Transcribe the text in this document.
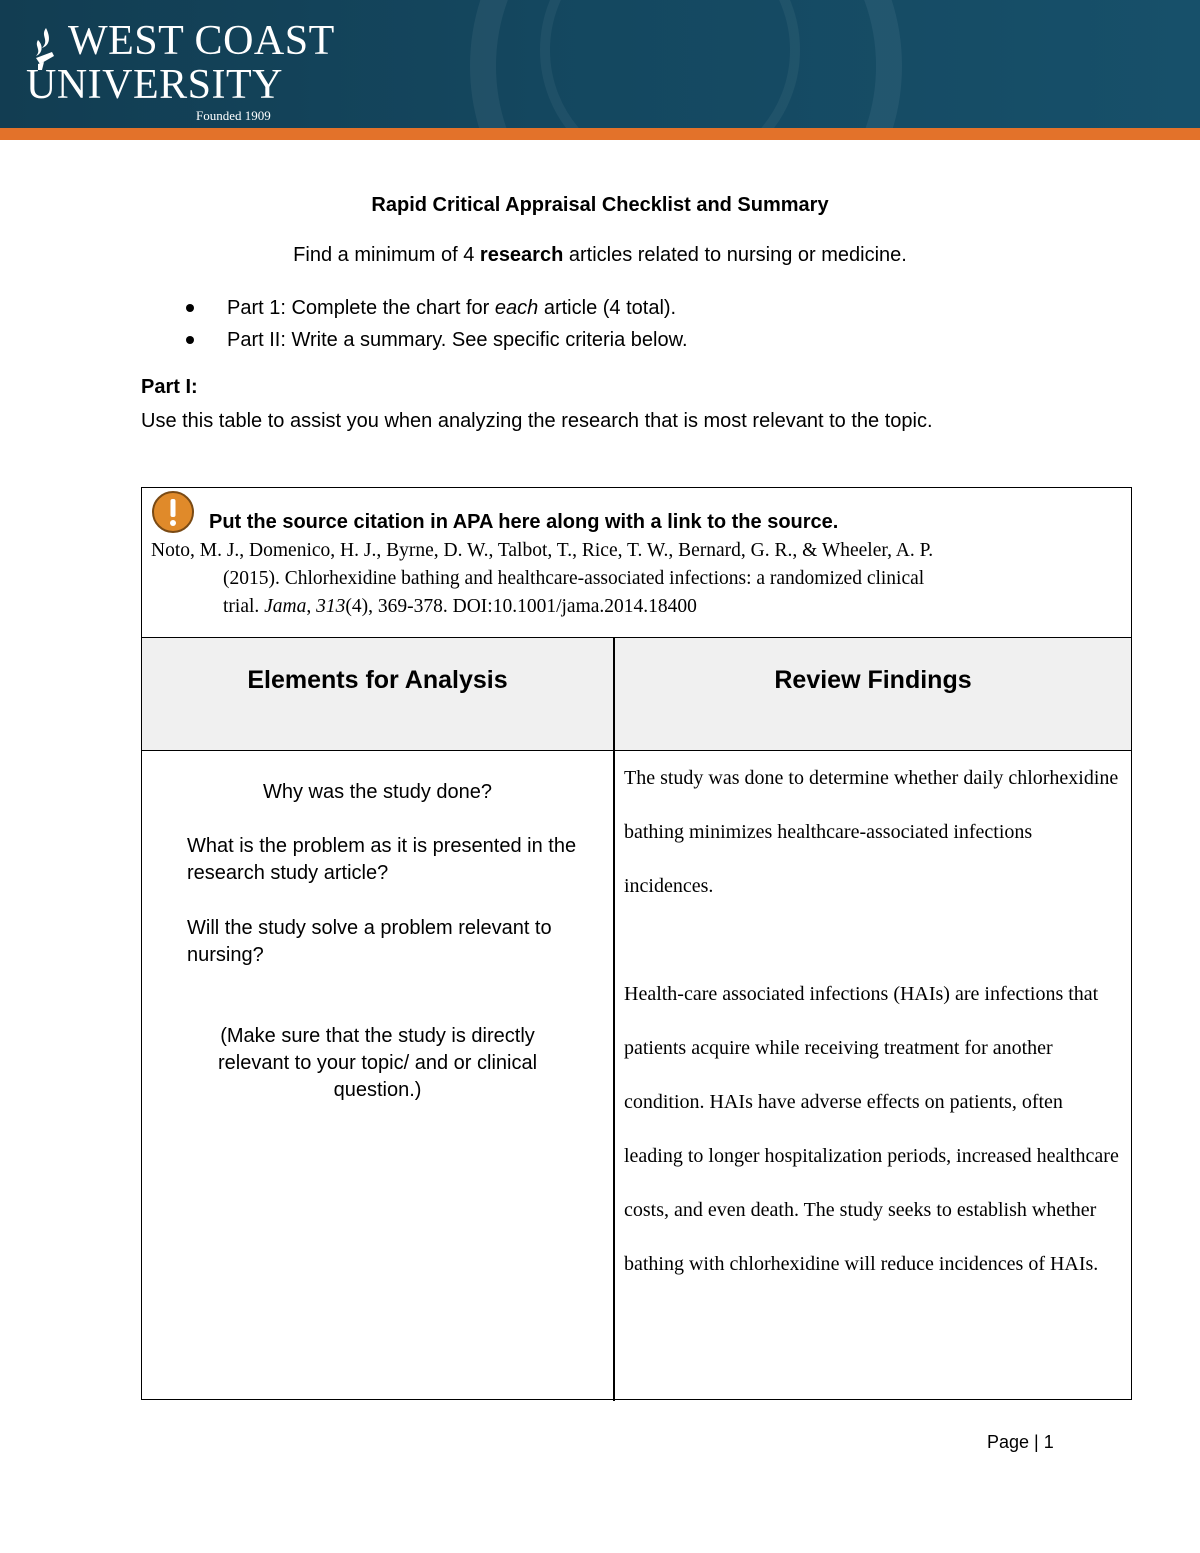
WEST COAST
UNIVERSITY
Founded 1909
Rapid Critical Appraisal Checklist and Summary
Find a minimum of 4 research articles related to nursing or medicine.
Part 1: Complete the chart for each article (4 total).
Part II: Write a summary. See specific criteria below.
Part I:
Use this table to assist you when analyzing the research that is most relevant to the topic.
Put the source citation in APA here along with a link to the source.
Noto, M. J., Domenico, H. J., Byrne, D. W., Talbot, T., Rice, T. W., Bernard, G. R., & Wheeler, A. P.
(2015). Chlorhexidine bathing and healthcare-associated infections: a randomized clinical
trial. Jama, 313(4), 369-378. DOI:10.1001/jama.2014.18400
Elements for Analysis	Review Findings
Why was the study done?
What is the problem as it is presented in the research study article?
Will the study solve a problem relevant to nursing?
(Make sure that the study is directly relevant to your topic/ and or clinical question.)

The study was done to determine whether daily chlorhexidine bathing minimizes healthcare-associated infections incidences.

Health-care associated infections (HAIs) are infections that patients acquire while receiving treatment for another condition. HAIs have adverse effects on patients, often leading to longer hospitalization periods, increased healthcare costs, and even death. The study seeks to establish whether bathing with chlorhexidine will reduce incidences of HAIs.

Page | 1
